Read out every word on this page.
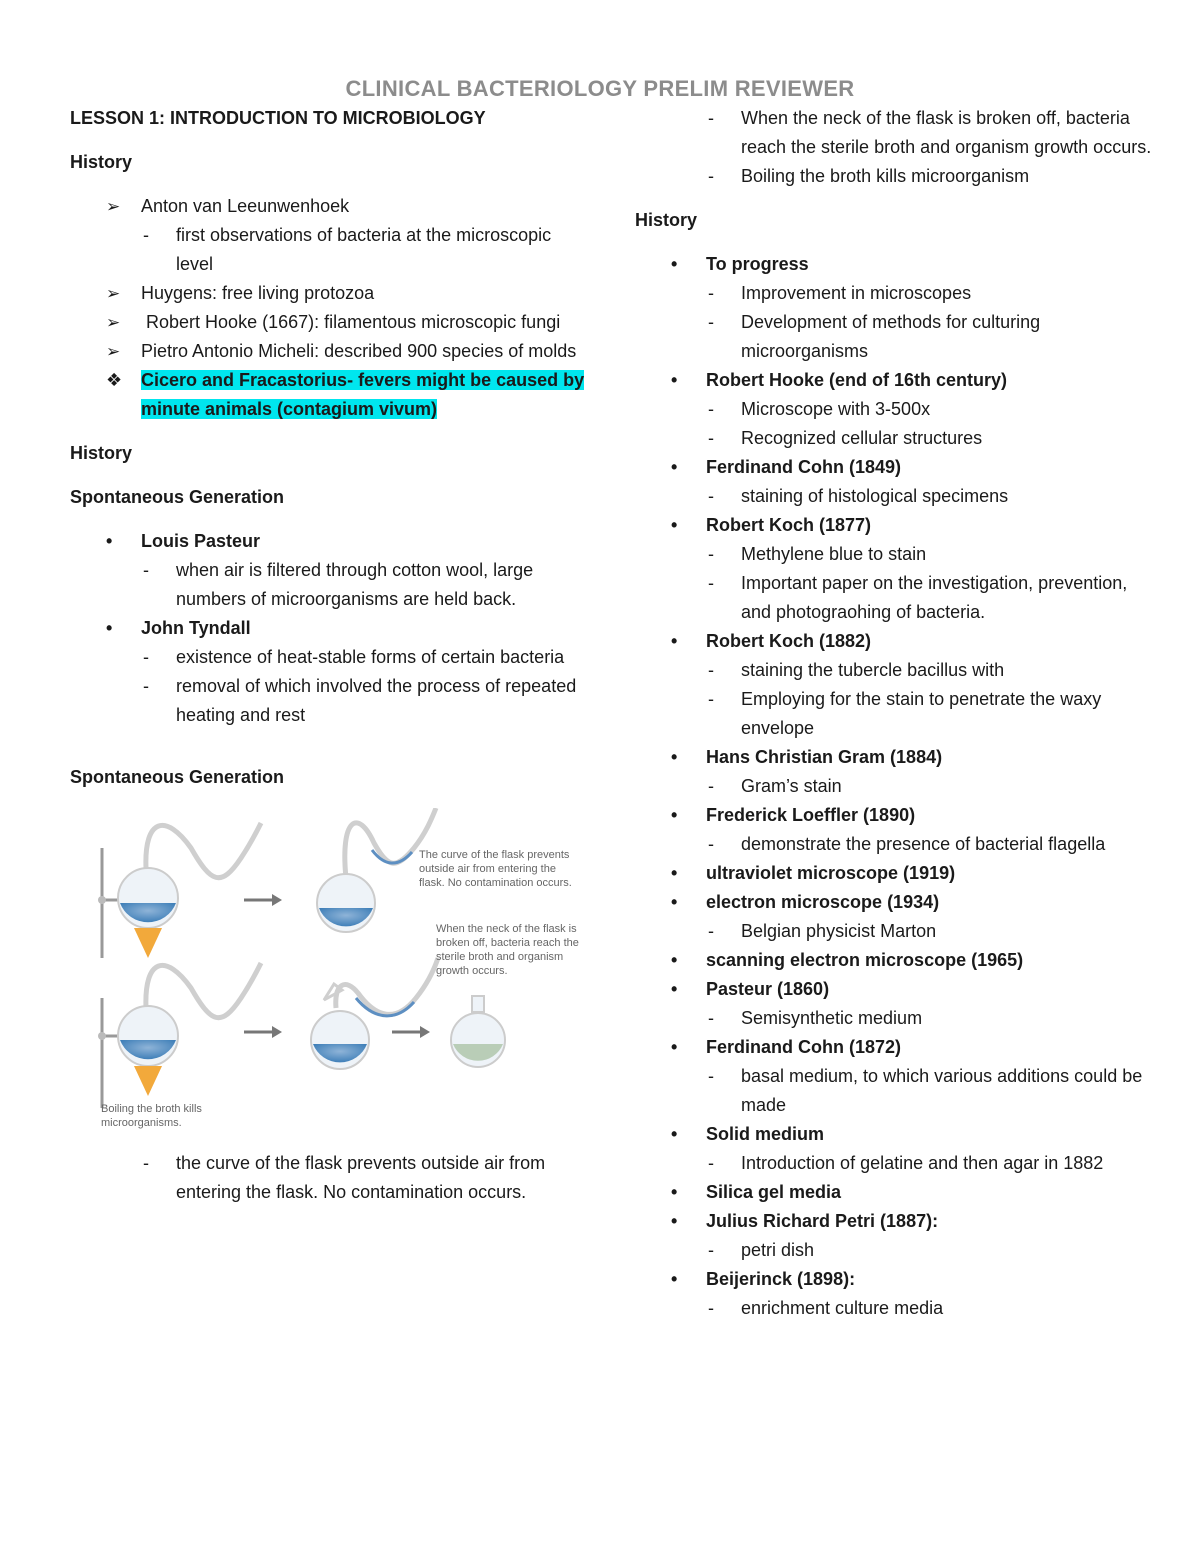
CLINICAL BACTERIOLOGY PRELIM REVIEWER
LESSON 1: INTRODUCTION TO MICROBIOLOGY
History
➢	Anton van Leeunwenhoek
- first observations of bacteria at the microscopic level
➢	Huygens: free living protozoa
➢	Robert Hooke (1667): filamentous microscopic fungi
➢	Pietro Antonio Micheli: described 900 species of molds
❖	Cicero and Fracastorius- fevers might be caused by minute animals (contagium vivum)
History
Spontaneous Generation
•	Louis Pasteur
- when air is filtered through cotton wool, large numbers of microorganisms are held back.
•	John Tyndall
- existence of heat-stable forms of certain bacteria
- removal of which involved the process of repeated heating and rest
Spontaneous Generation
The curve of the flask prevents outside air from entering the flask. No contamination occurs.
When the neck of the flask is broken off, bacteria reach the sterile broth and organism growth occurs.
Boiling the broth kills microorganisms.
- the curve of the flask prevents outside air from entering the flask. No contamination occurs.
- When the neck of the flask is broken off, bacteria reach the sterile broth and organism growth occurs.
- Boiling the broth kills microorganism
History
•	To progress
- Improvement in microscopes
- Development of methods for culturing microorganisms
•	Robert Hooke (end of 16th century)
- Microscope with 3-500x
- Recognized cellular structures
•	Ferdinand Cohn (1849)
- staining of histological specimens
•	Robert Koch (1877)
- Methylene blue to stain
- Important paper on the investigation, prevention, and photograohing of bacteria.
•	Robert Koch (1882)
- staining the tubercle bacillus with
- Employing for the stain to penetrate the waxy envelope
•	Hans Christian Gram (1884)
- Gram’s stain
•	Frederick Loeffler (1890)
- demonstrate the presence of bacterial flagella
•	ultraviolet microscope (1919)
•	electron microscope (1934)
- Belgian physicist Marton
•	scanning electron microscope (1965)
•	Pasteur (1860)
- Semisynthetic medium
•	Ferdinand Cohn (1872)
- basal medium, to which various additions could be made
•	Solid medium
- Introduction of gelatine and then agar in 1882
•	Silica gel media
•	Julius Richard Petri (1887):
- petri dish
•	Beijerinck (1898):
- enrichment culture media
